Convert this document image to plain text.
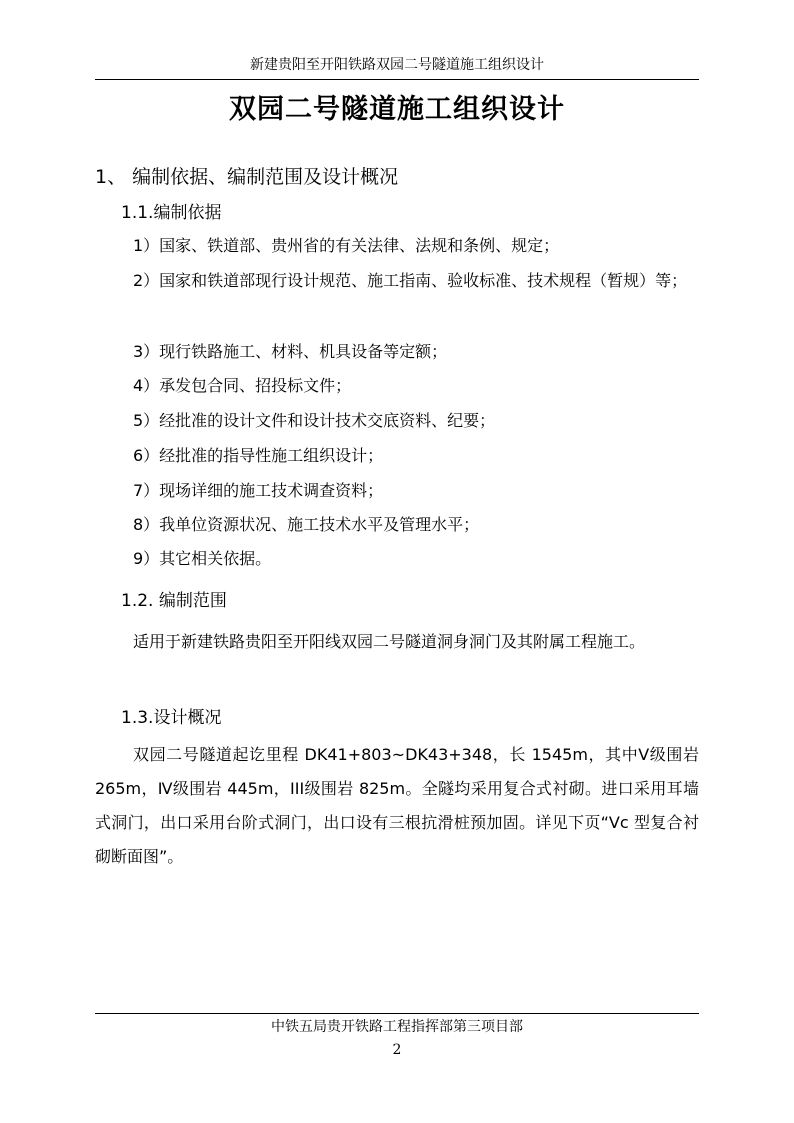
新建贵阳至开阳铁路双园二号隧道施工组织设计
双园二号隧道施工组织设计
1、 编制依据、编制范围及设计概况
1.1.编制依据
1）国家、铁道部、贵州省的有关法律、法规和条例、规定；
2）国家和铁道部现行设计规范、施工指南、验收标准、技术规程（暂规）等；
3）现行铁路施工、材料、机具设备等定额；
4）承发包合同、招投标文件；
5）经批准的设计文件和设计技术交底资料、纪要；
6）经批准的指导性施工组织设计；
7）现场详细的施工技术调查资料；
8）我单位资源状况、施工技术水平及管理水平；
9）其它相关依据。
1.2. 编制范围
适用于新建铁路贵阳至开阳线双园二号隧道洞身洞门及其附属工程施工。
1.3.设计概况
双园二号隧道起讫里程 DK41+803~DK43+348，长 1545m，其中Ⅴ级围岩 265m，Ⅳ级围岩 445m，III级围岩 825m。全隧均采用复合式衬砌。进口采用耳墙式洞门，出口采用台阶式洞门，出口设有三根抗滑桩预加固。详见下页“Vc 型复合衬砌断面图”。
中铁五局贵开铁路工程指挥部第三项目部
2
